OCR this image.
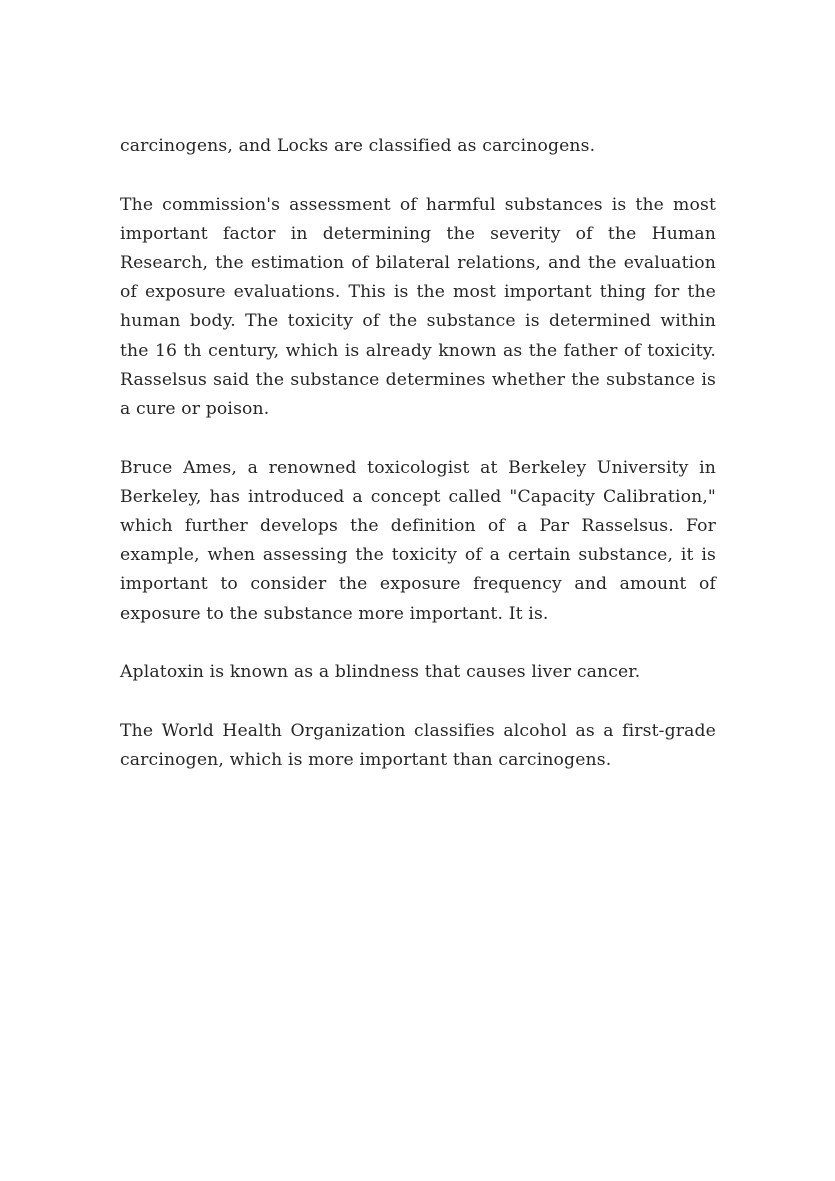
carcinogens, and Locks are classified as carcinogens.

The commission's assessment of harmful substances is the most important factor in determining the severity of the Human Research, the estimation of bilateral relations, and the evaluation of exposure evaluations. This is the most important thing for the human body. The toxicity of the substance is determined within the 16 th century, which is already known as the father of toxicity. Rasselsus said the substance determines whether the substance is a cure or poison.

Bruce Ames, a renowned toxicologist at Berkeley University in Berkeley, has introduced a concept called "Capacity Calibration," which further develops the definition of a Par Rasselsus. For example, when assessing the toxicity of a certain substance, it is important to consider the exposure frequency and amount of exposure to the substance more important. It is.

Aplatoxin is known as a blindness that causes liver cancer.

The World Health Organization classifies alcohol as a first-grade carcinogen, which is more important than carcinogens.
